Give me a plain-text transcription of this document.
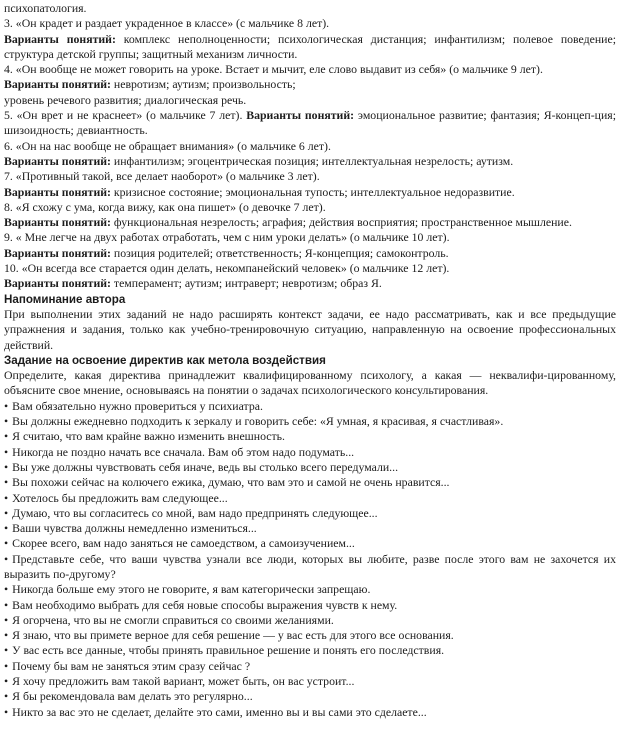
психопатология.

3. «Он крадет и раздает украденное в классе» (с мальчике 8 лет).

Варианты понятий: комплекс неполноценности; психологическая дистанция; инфантилизм; полевое поведение; структура детской группы; защитный механизм личности.

4. «Он вообще не может говорить на уроке. Встает и мычит, еле слово выдавит из себя» (о мальчике 9 лет).

Варианты понятий: невротизм; аутизм; произвольность;

уровень речевого развития; диалогическая речь.

5. «Он врет и не краснеет» (о мальчике 7 лет). Варианты понятий: эмоциональное развитие; фантазия; Я-концеп-ция; шизоидность; девиантность.

6. «Он на нас вообще не обращает внимания» (о мальчике 6 лет).

Варианты понятий: инфантилизм; эгоцентрическая позиция; интеллектуальная незрелость; аутизм.

7. «Противный такой, все делает наоборот» (о мальчике 3 лет).

Варианты понятий: кризисное состояние; эмоциональная тупость; интеллектуальное недоразвитие.

8. «Я схожу с ума, когда вижу, как она пишет» (о девочке 7 лет).

Варианты понятий: функциональная незрелость; аграфия; действия восприятия; пространственное мышление.

9. « Мне легче на двух работах отработать, чем с ним уроки делать» (о мальчике 10 лет).

Варианты понятий: позиция родителей; ответственность; Я-концепция; самоконтроль.

10. «Он всегда все старается один делать, некомпанейский человек» (о мальчике 12 лет).

Варианты понятий: темперамент; аутизм; интраверт; невротизм; образ Я.

Напоминание автора

При выполнении этих заданий не надо расширять контекст задачи, ее надо рассматривать, как и все предыдущие упражнения и задания, только как учебно-тренировочную ситуацию, направленную на освоение профессиональных действий.

Задание на освоение директив как метола воздействия

Определите, какая директива принадлежит квалифицированному психологу, а какая — неквалифи-цированному, объясните свое мнение, основываясь на понятии о задачах психологического консультирования.

• Вам обязательно нужно провериться у психиатра.

• Вы должны ежедневно подходить к зеркалу и говорить себе: «Я умная, я красивая, я счастливая».

• Я считаю, что вам крайне важно изменить внешность.

• Никогда не поздно начать все сначала. Вам об этом надо подумать...

• Вы уже должны чувствовать себя иначе, ведь вы столько всего передумали...

• Вы похожи сейчас на колючего ежика, думаю, что вам это и самой не очень нравится...

• Хотелось бы предложить вам следующее...

• Думаю, что вы согласитесь со мной, вам надо предпринять следующее...

• Ваши чувства должны немедленно измениться...

• Скорее всего, вам надо заняться не самоедством, а самоизучением...

• Представьте себе, что ваши чувства узнали все люди, которых вы любите, разве после этого вам не захочется их выразить по-другому?

• Никогда больше ему этого не говорите, я вам категорически запрещаю.

• Вам необходимо выбрать для себя новые способы выражения чувств к нему.

• Я огорчена, что вы не смогли справиться со своими желаниями.

• Я знаю, что вы примете верное для себя решение — у вас есть для этого все основания.

• У вас есть все данные, чтобы принять правильное решение и понять его последствия.

• Почему бы вам не заняться этим сразу сейчас ?

• Я хочу предложить вам такой вариант, может быть, он вас устроит...

• Я бы рекомендовала вам делать это регулярно...

• Никто за вас это не сделает, делайте это сами, именно вы и вы сами это сделаете...
